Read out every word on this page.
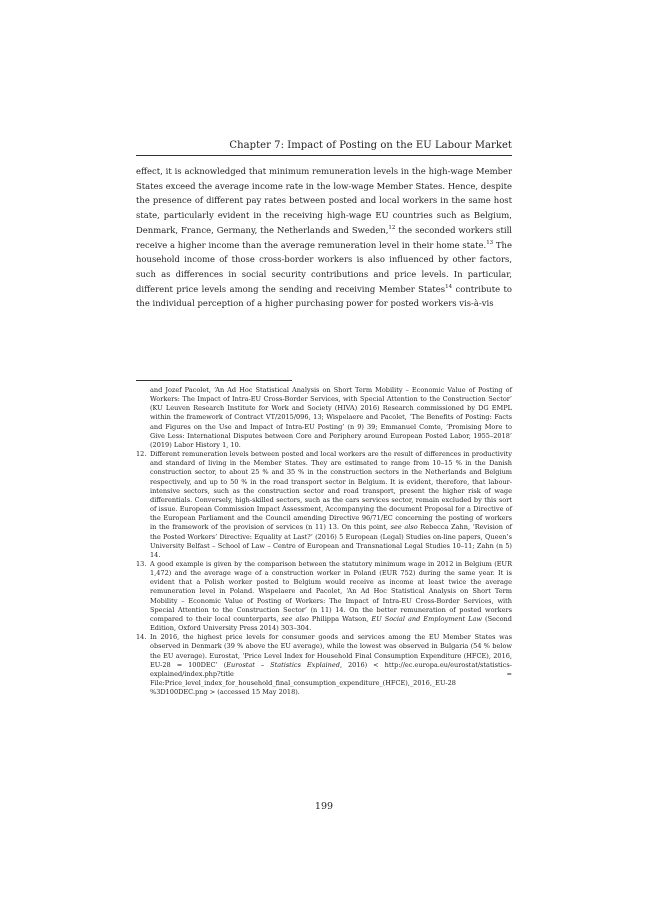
Chapter 7: Impact of Posting on the EU Labour Market

effect, it is acknowledged that minimum remuneration levels in the high-wage Member States exceed the average income rate in the low-wage Member States. Hence, despite the presence of different pay rates between posted and local workers in the same host state, particularly evident in the receiving high-wage EU countries such as Belgium, Denmark, France, Germany, the Netherlands and Sweden,$^{12}$ the seconded workers still receive a higher income than the average remuneration level in their home state.$^{13}$ The household income of those cross-border workers is also influenced by other factors, such as differences in social security contributions and price levels. In particular, different price levels among the sending and receiving Member States$^{14}$ contribute to the individual perception of a higher purchasing power for posted workers vis-à-vis

and Jozef Pacolet, ‘An Ad Hoc Statistical Analysis on Short Term Mobility – Economic Value of Posting of Workers: The Impact of Intra-EU Cross-Border Services, with Special Attention to the Construction Sector’ (KU Leuven Research Institute for Work and Society (HIVA) 2016) Research commissioned by DG EMPL within the framework of Contract VT/2015/096, 13; Wispelaere and Pacolet, ‘The Benefits of Posting: Facts and Figures on the Use and Impact of Intra-EU Posting’ (n 9) 39; Emmanuel Comte, ‘Promising More to Give Less: International Disputes between Core and Periphery around European Posted Labor, 1955–2018’ (2019) Labor History 1, 10.

12. Different remuneration levels between posted and local workers are the result of differences in productivity and standard of living in the Member States. They are estimated to range from 10–15 % in the Danish construction sector, to about 25 % and 35 % in the construction sectors in the Netherlands and Belgium respectively, and up to 50 % in the road transport sector in Belgium. It is evident, therefore, that labour-intensive sectors, such as the construction sector and road transport, present the higher risk of wage differentials. Conversely, high-skilled sectors, such as the cars services sector, remain excluded by this sort of issue. European Commission Impact Assessment, Accompanying the document Proposal for a Directive of the European Parliament and the Council amending Directive 96/71/EC concerning the posting of workers in the framework of the provision of services (n 11) 13. On this point, see also Rebecca Zahn, ‘Revision of the Posted Workers’ Directive: Equality at Last?’ (2016) 5 European (Legal) Studies on-line papers, Queen’s University Belfast – School of Law – Centre of European and Transnational Legal Studies 10–11; Zahn (n 5) 14.

13. A good example is given by the comparison between the statutory minimum wage in 2012 in Belgium (EUR 1,472) and the average wage of a construction worker in Poland (EUR 752) during the same year. It is evident that a Polish worker posted to Belgium would receive as income at least twice the average remuneration level in Poland. Wispelaere and Pacolet, ‘An Ad Hoc Statistical Analysis on Short Term Mobility – Economic Value of Posting of Workers: The Impact of Intra-EU Cross-Border Services, with Special Attention to the Construction Sector’ (n 11) 14. On the better remuneration of posted workers compared to their local counterparts, see also Philippa Watson, EU Social and Employment Law (Second Edition, Oxford University Press 2014) 303–304.

14. In 2016, the highest price levels for consumer goods and services among the EU Member States was observed in Denmark (39 % above the EU average), while the lowest was observed in Bulgaria (54 % below the EU average). Eurostat, ‘Price Level Index for Household Final Consumption Expenditure (HFCE), 2016, EU-28 = 100DEC’ (Eurostat – Statistics Explained, 2016) < http://ec.europa.eu/eurostat/statistics-explained/index.php?title = File:Price_level_index_for_household_final_consumption_expenditure_(HFCE),_2016,_EU-28 %3D100DEC.png > (accessed 15 May 2018).

199
